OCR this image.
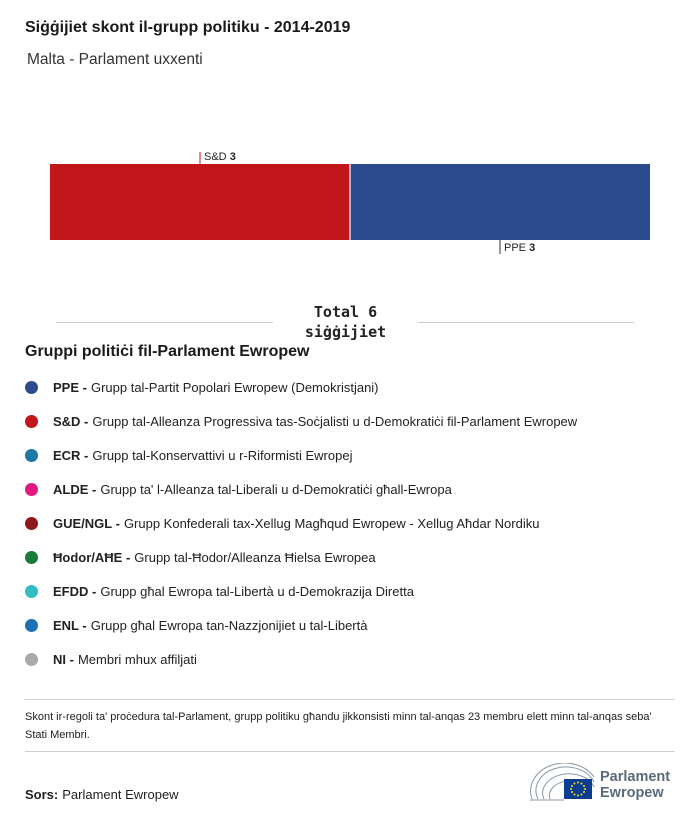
Siġġijiet skont il-grupp politiku - 2014-2019
Malta - Parlament uxxenti
S&D 3
PPE 3
Total 6
siġġijiet
Gruppi politiċi fil-Parlament Ewropew
PPE - Grupp tal-Partit Popolari Ewropew (Demokristjani)
S&D - Grupp tal-Alleanza Progressiva tas-Soċjalisti u d-Demokratiċi fil-Parlament Ewropew
ECR - Grupp tal-Konservattivi u r-Riformisti Ewropej
ALDE - Grupp ta' l-Alleanza tal-Liberali u d-Demokratiċi għall-Ewropa
GUE/NGL - Grupp Konfederali tax-Xellug Magħqud Ewropew - Xellug Aħdar Nordiku
Ħodor/AĦE - Grupp tal-Ħodor/Alleanza Ħielsa Ewropea
EFDD - Grupp għal Ewropa tal-Libertà u d-Demokrazija Diretta
ENL - Grupp għal Ewropa tan-Nazzjonijiet u tal-Libertà
NI - Membri mhux affiljati
Skont ir-regoli ta' proċedura tal-Parlament, grupp politiku għandu jikkonsisti minn tal-anqas 23 membru elett minn tal-anqas seba' Stati Membri.
Sors: Parlament Ewropew
Parlament
Ewropew
